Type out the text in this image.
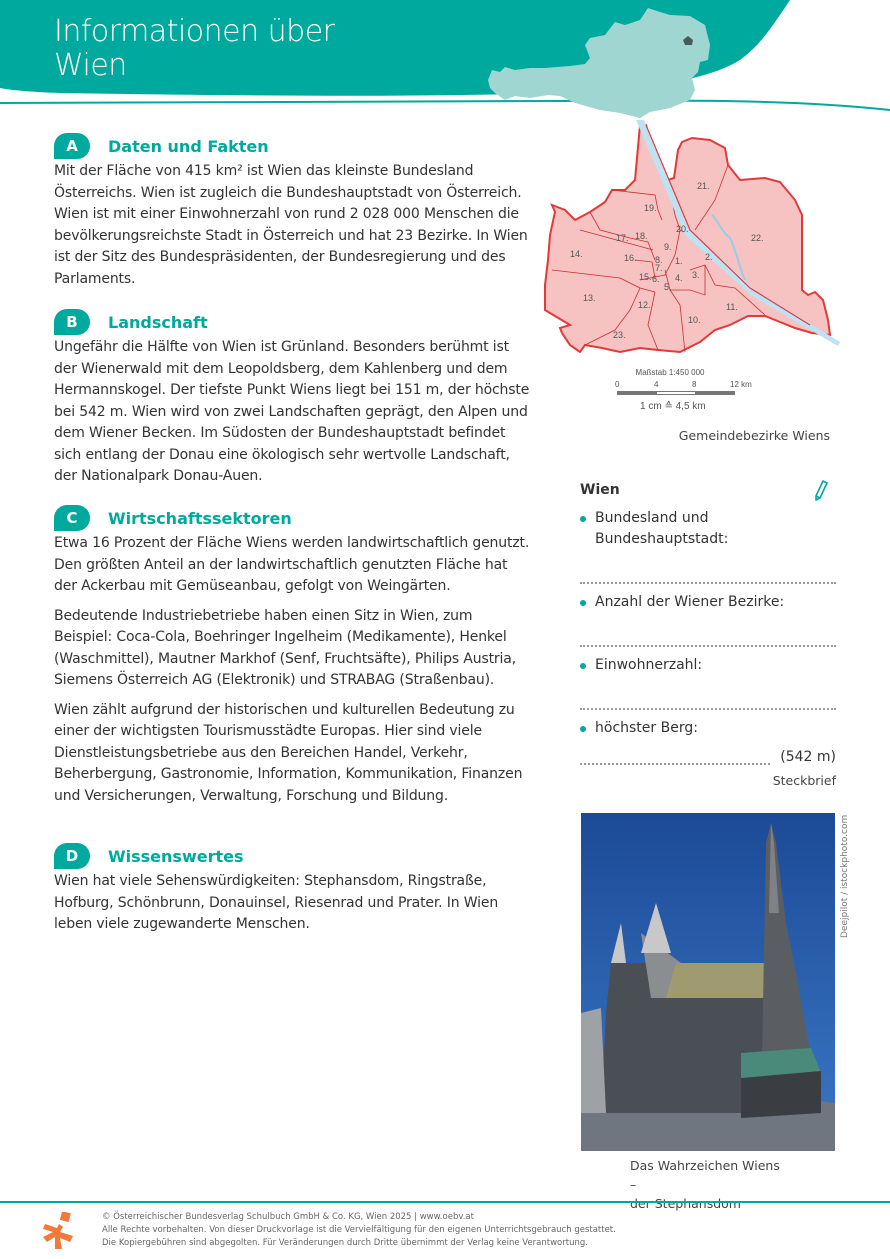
Informationen über
Wien
A	Daten und Fakten

Mit der Fläche von 415 km² ist Wien das kleinste Bundesland Österreichs. Wien ist zugleich die Bundeshauptstadt von Österreich. Wien ist mit einer Einwohnerzahl von rund 2 028 000 Menschen die bevölkerungsreichste Stadt in Österreich und hat 23 Bezirke. In Wien ist der Sitz des Bundespräsidenten, der Bundesregierung und des Parlaments.

B	Landschaft

Ungefähr die Hälfte von Wien ist Grünland. Besonders berühmt ist der Wienerwald mit dem Leopoldsberg, dem Kahlenberg und dem Hermannskogel. Der tiefste Punkt Wiens liegt bei 151 m, der höchste bei 542 m. Wien wird von zwei Landschaften geprägt, den Alpen und dem Wiener Becken. Im Südosten der Bundeshauptstadt befindet sich entlang der Donau eine ökologisch sehr wertvolle Landschaft, der Nationalpark Donau-Auen.

C	Wirtschaftssektoren

Etwa 16 Prozent der Fläche Wiens werden landwirtschaftlich genutzt. Den größten Anteil an der landwirtschaftlich genutzten Fläche hat der Ackerbau mit Gemüseanbau, gefolgt von Weingärten.

Bedeutende Industriebetriebe haben einen Sitz in Wien, zum Beispiel: Coca-Cola, Boehringer Ingelheim (Medikamente), Henkel (Waschmittel), Mautner Markhof (Senf, Fruchtsäfte), Philips Austria, Siemens Österreich AG (Elektronik) und STRABAG (Straßenbau).

Wien zählt aufgrund der historischen und kulturellen Bedeutung zu einer der wichtigsten Tourismusstädte Europas. Hier sind viele Dienstleistungsbetriebe aus den Bereichen Handel, Verkehr, Beherbergung, Gastronomie, Information, Kommunikation, Finanzen und Versicherungen, Verwaltung, Forschung und Bildung.

D	Wissenswertes

Wien hat viele Sehenswürdigkeiten: Stephansdom, Ringstraße, Hofburg, Schönbrunn, Donauinsel, Riesenrad und Prater. In Wien leben viele zugewanderte Menschen.

21.
19.
22.
20.
18.
17.
9.
14.	16. 8. 1. 2.
7.
15. 6. 4. 3.
5.
13.
12.	11.
10.
23.
Maßstab 1:450 000
0	4	8	12 km
1 cm ≙ 4,5 km
Gemeindebezirke Wiens
Wien
Bundesland und Bundeshauptstadt:
Anzahl der Wiener Bezirke:
Einwohnerzahl:
höchster Berg:
(542 m)
Steckbrief
Deejpilot / istockphoto.com
Das Wahrzeichen Wiens –
der Stephansdom
© Österreichischer Bundesverlag Schulbuch GmbH & Co. KG, Wien 2025 | www.oebv.at
Alle Rechte vorbehalten. Von dieser Druckvorlage ist die Vervielfältigung für den eigenen Unterrichtsgebrauch gestattet.
Die Kopiergebühren sind abgegolten. Für Veränderungen durch Dritte übernimmt der Verlag keine Verantwortung.
